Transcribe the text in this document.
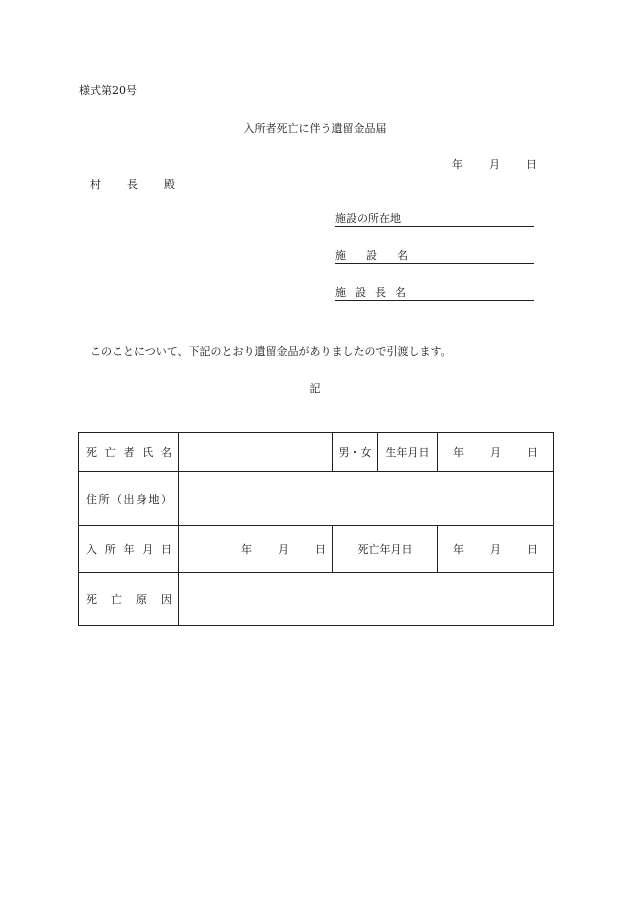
様式第20号
入所者死亡に伴う遺留金品届
年 月 日
村 長 殿
施設の所在地
施 設 名
施 設 長 名
このことについて、下記のとおり遺留金品がありましたので引渡します。
記
死 亡 者 氏 名		男・女	生年月日	年 月 日
住所（出身地）				
入 所 年 月 日	年 月 日	死亡年月日		年 月 日
死 亡 原 因				
